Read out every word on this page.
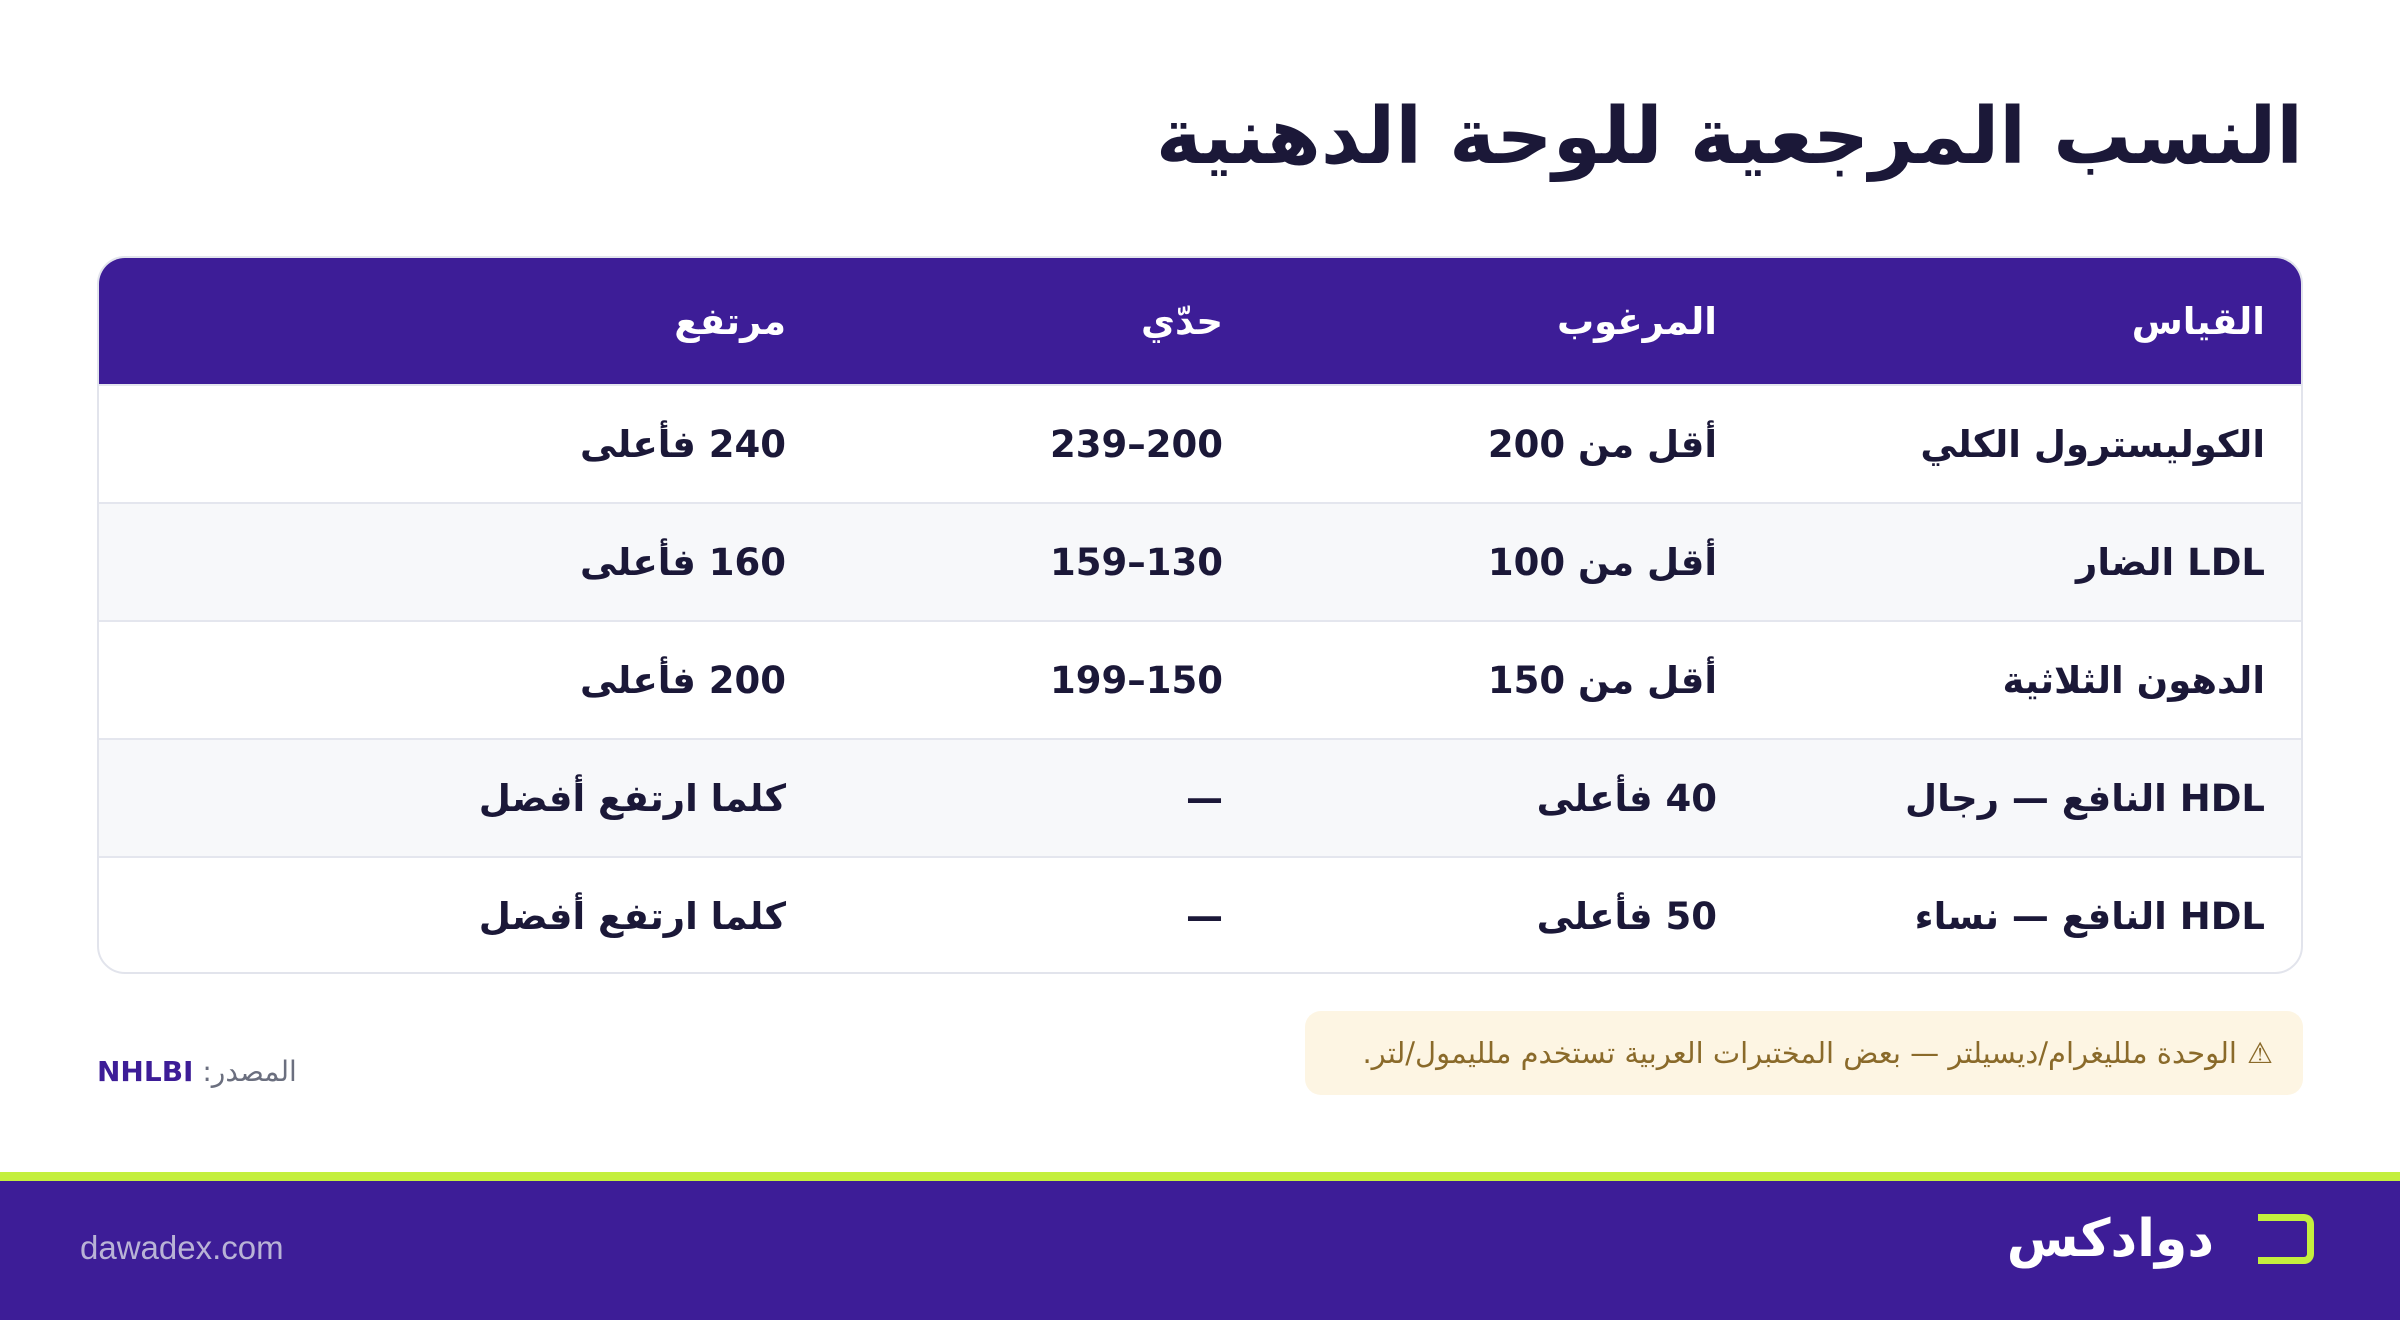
النسب المرجعية للوحة الدهنية
القياس
المرغوب
حدّي
مرتفع
الكوليسترول الكلي
أقل من 200
200–239
240 فأعلى
LDL الضار
أقل من 100
130–159
160 فأعلى
الدهون الثلاثية
أقل من 150
150–199
200 فأعلى
HDL النافع — رجال
40 فأعلى
—
كلما ارتفع أفضل
HDL النافع — نساء
50 فأعلى
—
كلما ارتفع أفضل
⚠
الوحدة ملليغرام/ديسيلتر — بعض المختبرات العربية تستخدم ملليمول/لتر.
المصدر: NHLBI
دوادكس
dawadex.com
